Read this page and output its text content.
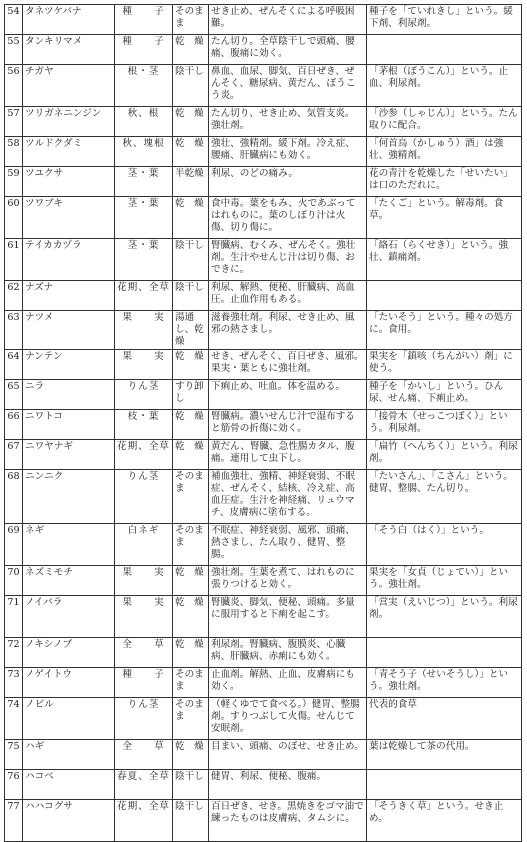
54	タネツケバナ	種　　子	そのまま	せき止め、ぜんそくによる呼吸困難。	種子を「ていれきし」という。緩下剤、利尿剤。
55	タンキリマメ	種　　子	乾　燥	たん切り。全草陰干しで頭痛、腰痛、腹痛に効く。	
56	チガヤ	根・茎	陰干し	鼻血、血尿、脚気、百日ぜき、ぜんそく、糖尿病、黄だん、ぼうこう炎。	「茅根（ぼうこん）」という。止血、利尿剤。
57	ツリガネニンジン	秋、根	乾　燥	たん切り、せき止め、気管支炎。強壮剤。	「沙参（しゃじん）」という。たん取りに配合。
58	ツルドクダミ	秋、塊根	乾　燥	強壮、強精剤。緩下剤。冷え症、腰痛、肝臓病にも効く。	「何首烏（かしゅう）酒」は強壮、強精剤。
59	ツユクサ	茎・葉	半乾燥	利尿、のどの痛み。	花の青汁を乾燥した「せいたい」は口のただれに。
60	ツワブキ	茎・葉	乾　燥	食中毒。葉をもみ、火であぶってはれものに。葉のしぼり汁は火傷、切り傷に。	「たくご」という。解毒剤。食草。
61	テイカカヅラ	茎・葉	陰干し	腎臓病、むくみ、ぜんそく。強壮剤。生汁やせんじ汁は切り傷、おできに。	「絡石（らくせき）」という。強壮、鎮痛剤。
62	ナズナ	花期、全草	陰干し	利尿、解熱、便秘、肝臓病、高血圧。止血作用もある。	
63	ナツメ	果　　実	湯通し、乾燥	滋養強壮剤。利尿、せき止め、風邪の熱さまし。	「たいそう」という。種々の処方に。食用。
64	ナンテン	果　　実	乾　燥	せき、ぜんそく、百日ぜき、風邪。果実・葉ともに強壮剤。	果実を「鎮咳（ちんがい）剤」に使う。
65	ニラ	りん茎	すり卸し	下痢止め、吐血。体を温める。	種子を「かいし」という。ひん尿、せん痛、下痢止め。
66	ニワトコ	枝・葉	乾　燥	腎臓病。濃いせんじ汁で湿布すると筋骨の折傷に効く。	「接骨木（せっこつぼく）」という。利尿剤。
67	ニワヤナギ	花期、全草	乾　燥	黄だん、腎臓、急性腸カタル、腹痛。連用して虫下し。	「扁竹（へんちく）」という。利尿剤。
68	ニンニク	りん茎	そのまま	補血強壮、強精、神経衰弱、不眠症、ぜんそく、結核、冷え症、高血圧症。生汁を神経痛、リュウマチ、皮膚病に塗布する。	「たいさん」、「こさん」という。健胃、整腸、たん切り。
69	ネギ	白ネギ	そのまま	不眠症、神経衰弱、風邪、頭痛、熱さまし、たん取り、健胃、整腸。	「そう白（はく）」という。
70	ネズミモチ	果　　実	乾　燥	強壮剤。生葉を煮て、はれものに張りつけると効く。	果実を「女貞（じょてい）」という。強壮剤。
71	ノイバラ	果　　実	乾　燥	腎臓炎、脚気、便秘、頭痛。多量に服用すると下痢を起こす。	「営実（えいじつ）」という。利尿剤。
72	ノキシノブ	全　　草	乾　燥	利尿剤。腎臓病、腹膜炎、心臓病、肝臓病、赤痢にも効く。	
73	ノゲイトウ	種　　子	そのまま	止血剤。解熱、止血、皮膚病にも効く。	「青そう子（せいそうし）」という。強壮剤。
74	ノビル	りん茎	そのまま	（軽くゆでて食べる。）健胃、整腸剤。すりつぶして火傷。せんじて安眠剤。	代表的食草
75	ハギ	全　　草	乾　燥	目まい、頭痛、のぼせ、せき止め。	葉は乾燥して茶の代用。
76	ハコベ	春夏、全草	陰干し	健胃、利尿、便秘、腹痛。	
77	ハハコグサ	花期、全草	陰干し	百日ぜき、せき。黒焼きをゴマ油で練ったものは皮膚病、タムシに。	「そうきく草」という。せき止め。
